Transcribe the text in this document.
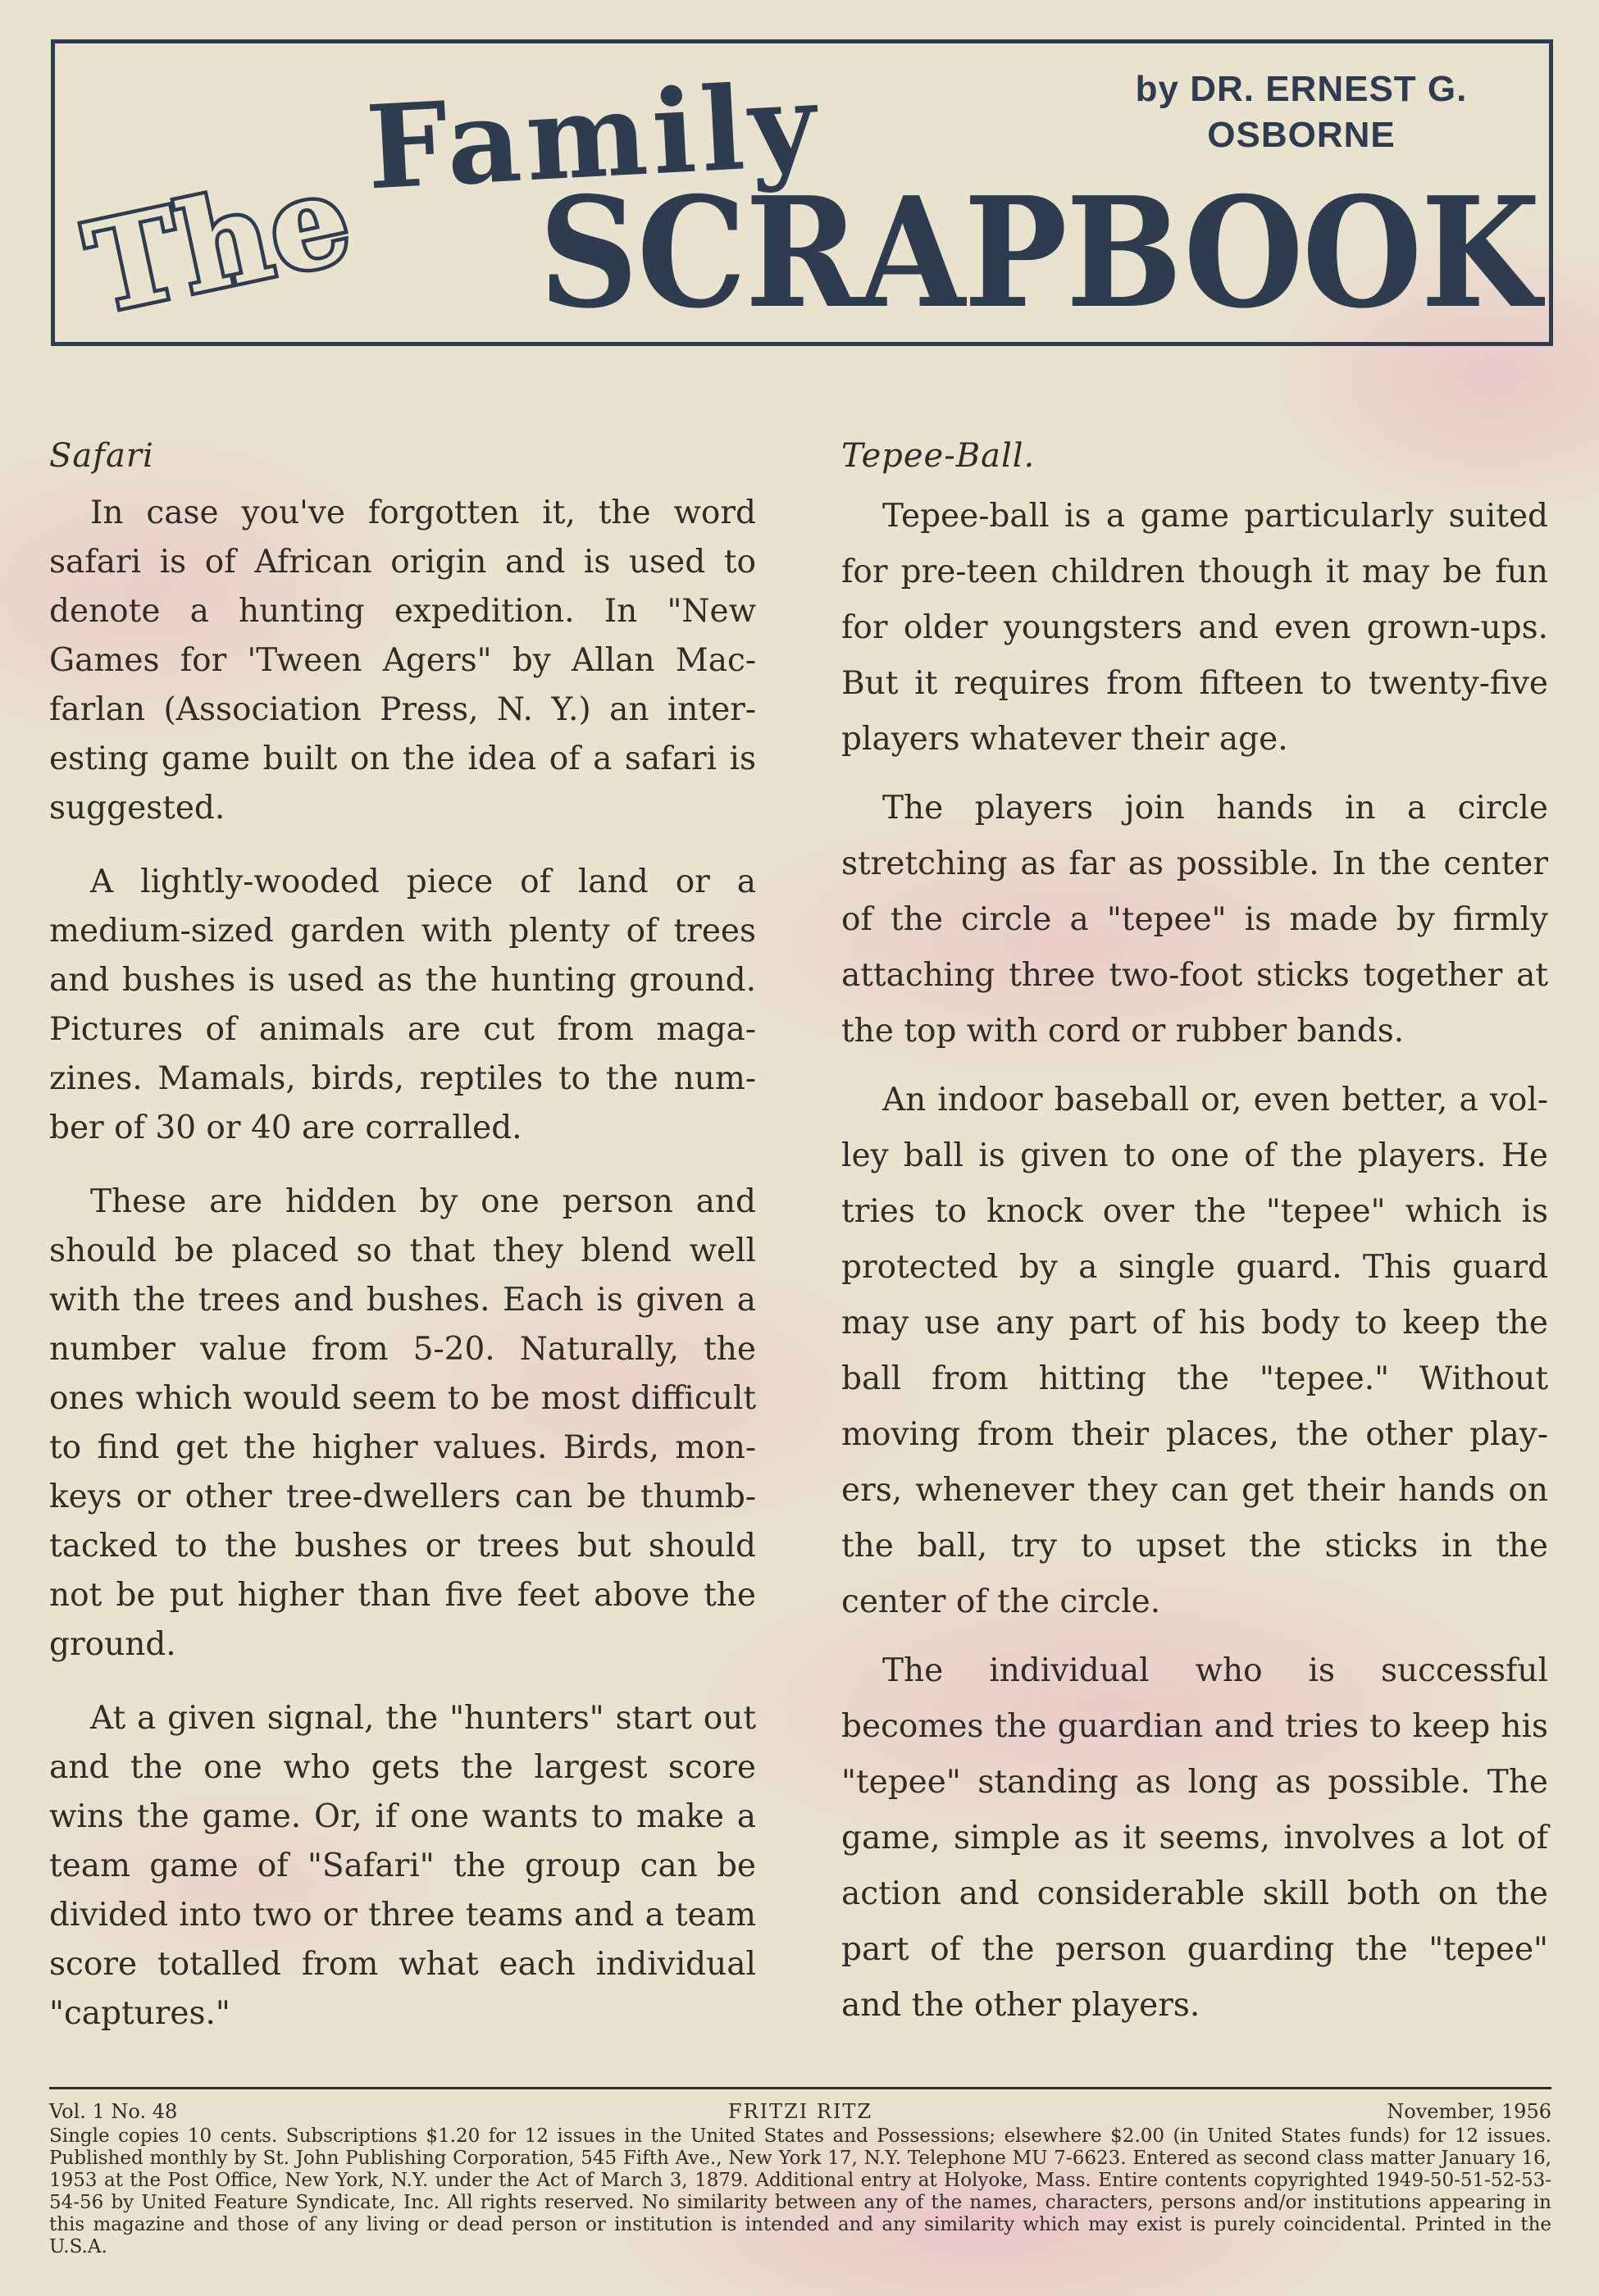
The
Family
SCRAPBOOK
by DR. ERNEST G. OSBORNE
Safari

In case you've forgotten it, the word safari is of African origin and is used to denote a hunting expedition. In "New Games for 'Tween Agers" by Allan Macfarlan (Association Press, N. Y.) an interesting game built on the idea of a safari is suggested.

A lightly-wooded piece of land or a medium-sized garden with plenty of trees and bushes is used as the hunting ground. Pictures of animals are cut from magazines. Mamals, birds, reptiles to the number of 30 or 40 are corralled.

These are hidden by one person and should be placed so that they blend well with the trees and bushes. Each is given a number value from 5-20. Naturally, the ones which would seem to be most difficult to find get the higher values. Birds, monkeys or other tree-dwellers can be thumbtacked to the bushes or trees but should not be put higher than five feet above the ground.

At a given signal, the "hunters" start out and the one who gets the largest score wins the game. Or, if one wants to make a team game of "Safari" the group can be divided into two or three teams and a team score totalled from what each individual "captures."

Tepee-Ball.

Tepee-ball is a game particularly suited for pre-teen children though it may be fun for older youngsters and even grown-ups. But it requires from fifteen to twenty-five players whatever their age.

The players join hands in a circle stretching as far as possible. In the center of the circle a "tepee" is made by firmly attaching three two-foot sticks together at the top with cord or rubber bands.

An indoor baseball or, even better, a volley ball is given to one of the players. He tries to knock over the "tepee" which is protected by a single guard. This guard may use any part of his body to keep the ball from hitting the "tepee." Without moving from their places, the other players, whenever they can get their hands on the ball, try to upset the sticks in the center of the circle.

The individual who is successful becomes the guardian and tries to keep his "tepee" standing as long as possible. The game, simple as it seems, involves a lot of action and considerable skill both on the part of the person guarding the "tepee" and the other players.

FRITZI RITZ
Vol. 1 No. 48	November, 1956
Single copies 10 cents. Subscriptions $1.20 for 12 issues in the United States and Possessions; elsewhere $2.00 (in United States funds) for 12 issues. Published monthly by St. John Publishing Corporation, 545 Fifth Ave., New York 17, N.Y. Telephone MU 7-6623. Entered as second class matter January 16, 1953 at the Post Office, New York, N.Y. under the Act of March 3, 1879. Additional entry at Holyoke, Mass. Entire contents copyrighted 1949-50-51-52-53-54-56 by United Feature Syndicate, Inc. All rights reserved. No similarity between any of the names, characters, persons and/or institutions appearing in this magazine and those of any living or dead person or institution is intended and any similarity which may exist is purely coincidental. Printed in the U.S.A.
